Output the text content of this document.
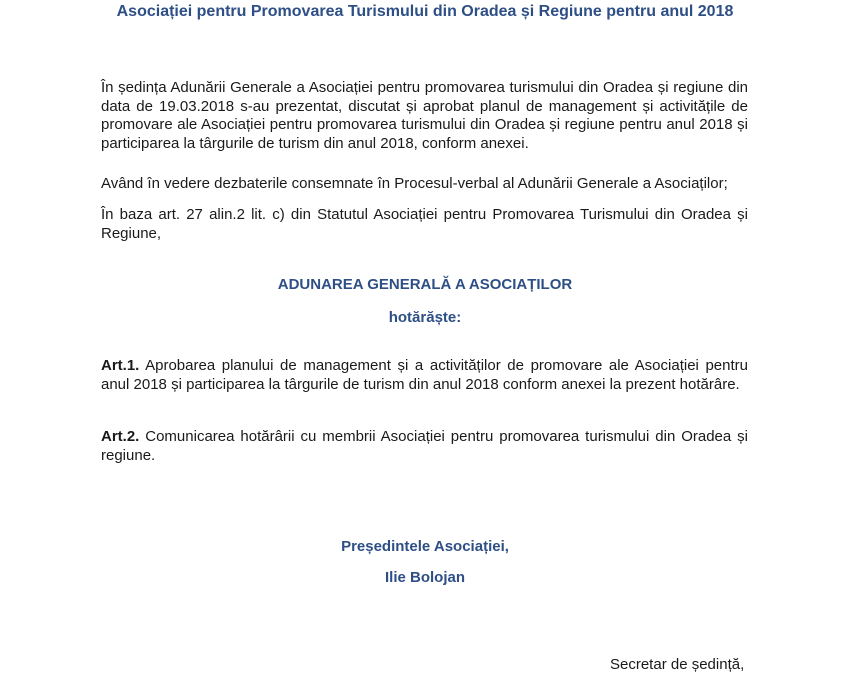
Asociației pentru Promovarea Turismului din Oradea și Regiune pentru anul 2018
În ședința Adunării Generale a Asociației pentru promovarea turismului din Oradea și regiune din data de 19.03.2018 s-au prezentat, discutat și aprobat planul de management și activitățile de promovare ale Asociației pentru promovarea turismului din Oradea și regiune pentru anul 2018 și participarea la târgurile de turism din anul 2018, conform anexei.
Având în vedere dezbaterile consemnate în Procesul-verbal al Adunării Generale a Asociaților;
În baza art. 27 alin.2 lit. c) din Statutul Asociației pentru Promovarea Turismului din Oradea și Regiune,
ADUNAREA GENERALĂ A ASOCIAȚILOR
hotărăște:
Art.1. Aprobarea planului de management și a activităților de promovare ale Asociației pentru anul 2018 și participarea la târgurile de turism din anul 2018 conform anexei la prezent hotărâre.
Art.2. Comunicarea hotărârii cu membrii Asociației pentru promovarea turismului din Oradea și regiune.
Președintele Asociației,
Ilie Bolojan
Secretar de ședință,
